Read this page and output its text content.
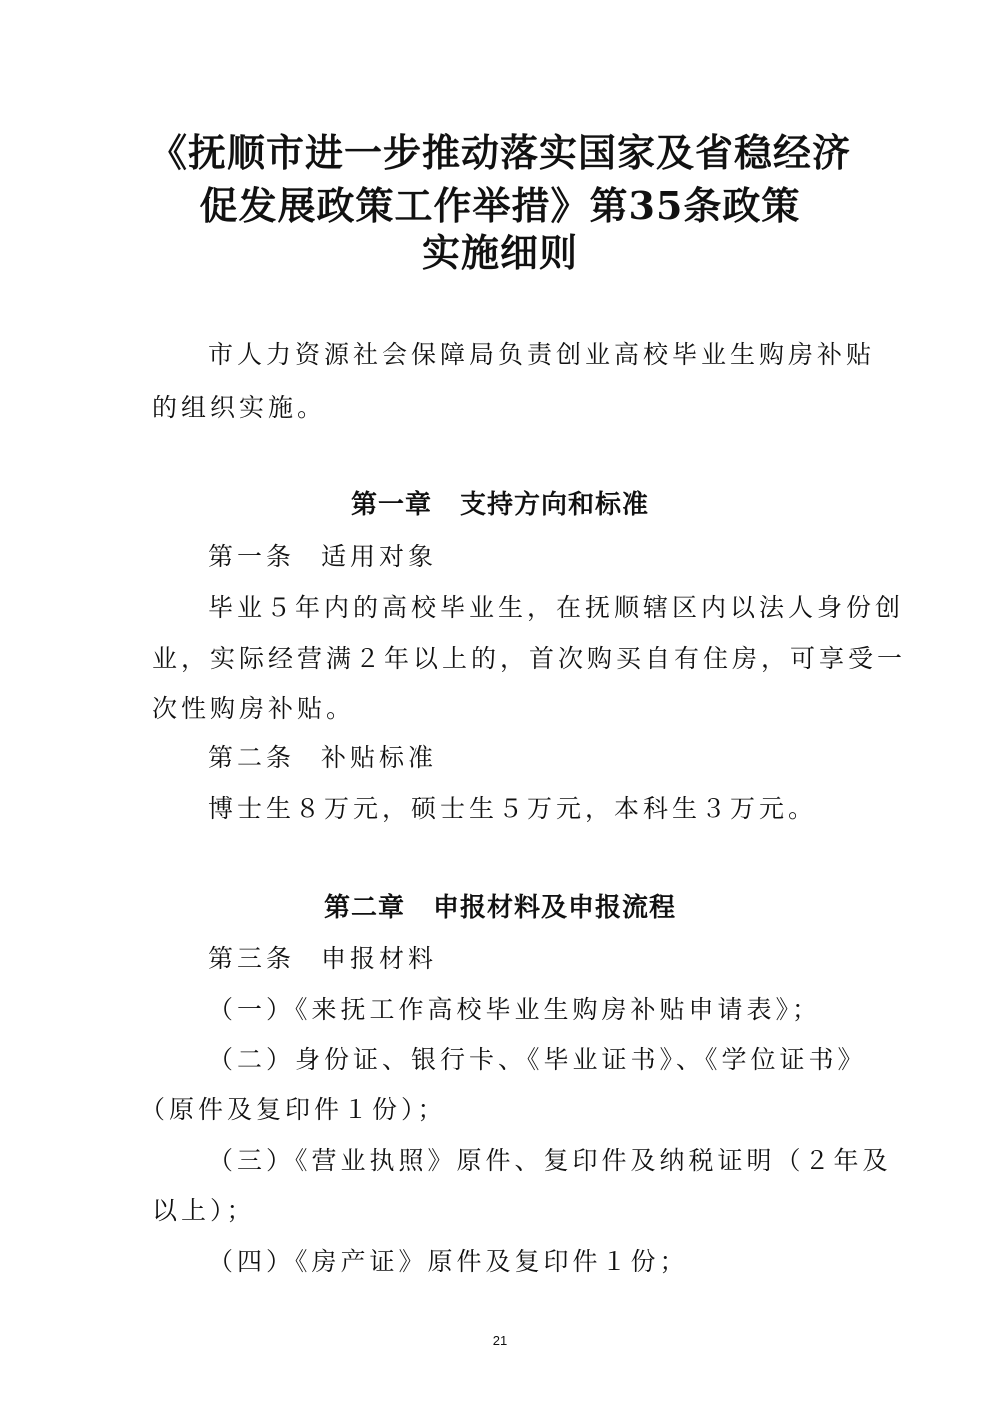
《抚顺市进一步推动落实国家及省稳经济
促发展政策工作举措》第35条政策
实施细则
市人力资源社会保障局负责创业高校毕业生购房补贴
的组织实施。
第一章 支持方向和标准
第一条 适用对象
毕业５年内的高校毕业生，在抚顺辖区内以法人身份创
业，实际经营满２年以上的，首次购买自有住房，可享受一
次性购房补贴。
第二条 补贴标准
博士生８万元，硕士生５万元，本科生３万元。
第二章 申报材料及申报流程
第三条 申报材料
（一）《来抚工作高校毕业生购房补贴申请表》；
（二）身份证、银行卡、《毕业证书》、《学位证书》
（原件及复印件１份）；
（三）《营业执照》原件、复印件及纳税证明（２年及
以上）；
（四）《房产证》原件及复印件１份；
21
